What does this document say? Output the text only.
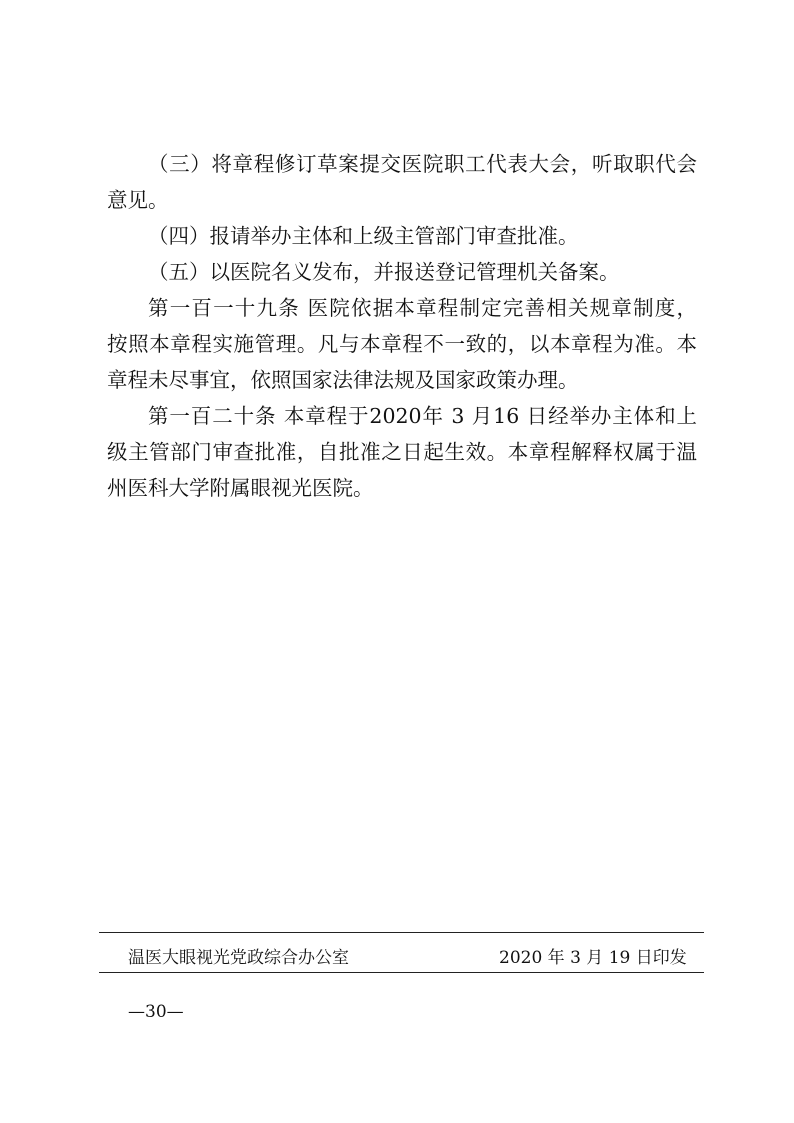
（三）将章程修订草案提交医院职工代表大会，听取职代会
意见。
（四）报请举办主体和上级主管部门审查批准。
（五）以医院名义发布，并报送登记管理机关备案。
第一百一十九条 医院依据本章程制定完善相关规章制度，
按照本章程实施管理。凡与本章程不一致的，以本章程为准。本
章程未尽事宜，依照国家法律法规及国家政策办理。
第一百二十条 本章程于2020年 3 月16 日经举办主体和上
级主管部门审查批准，自批准之日起生效。本章程解释权属于温
州医科大学附属眼视光医院。
温医大眼视光党政综合办公室	2020 年 3 月 19 日印发
—30—
